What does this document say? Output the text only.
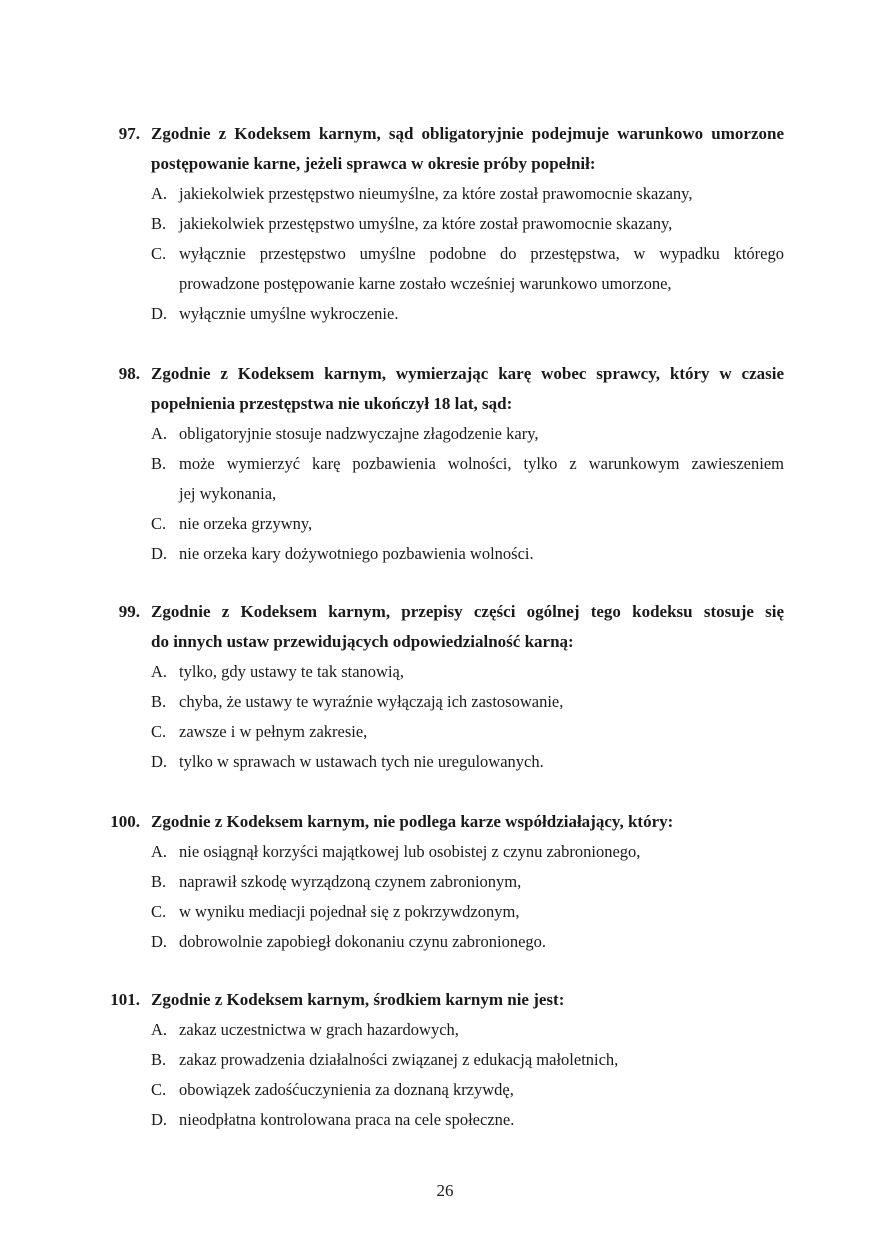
97. Zgodnie z Kodeksem karnym, sąd obligatoryjnie podejmuje warunkowo umorzone
postępowanie karne, jeżeli sprawca w okresie próby popełnił:
A. jakiekolwiek przestępstwo nieumyślne, za które został prawomocnie skazany,
B. jakiekolwiek przestępstwo umyślne, za które został prawomocnie skazany,
C. wyłącznie przestępstwo umyślne podobne do przestępstwa, w wypadku którego
prowadzone postępowanie karne zostało wcześniej warunkowo umorzone,
D. wyłącznie umyślne wykroczenie.
98. Zgodnie z Kodeksem karnym, wymierzając karę wobec sprawcy, który w czasie
popełnienia przestępstwa nie ukończył 18 lat, sąd:
A. obligatoryjnie stosuje nadzwyczajne złagodzenie kary,
B. może wymierzyć karę pozbawienia wolności, tylko z warunkowym zawieszeniem
jej wykonania,
C. nie orzeka grzywny,
D. nie orzeka kary dożywotniego pozbawienia wolności.
99. Zgodnie z Kodeksem karnym, przepisy części ogólnej tego kodeksu stosuje się
do innych ustaw przewidujących odpowiedzialność karną:
A. tylko, gdy ustawy te tak stanowią,
B. chyba, że ustawy te wyraźnie wyłączają ich zastosowanie,
C. zawsze i w pełnym zakresie,
D. tylko w sprawach w ustawach tych nie uregulowanych.
100. Zgodnie z Kodeksem karnym, nie podlega karze współdziałający, który:
A. nie osiągnął korzyści majątkowej lub osobistej z czynu zabronionego,
B. naprawił szkodę wyrządzoną czynem zabronionym,
C. w wyniku mediacji pojednał się z pokrzywdzonym,
D. dobrowolnie zapobiegł dokonaniu czynu zabronionego.
101. Zgodnie z Kodeksem karnym, środkiem karnym nie jest:
A. zakaz uczestnictwa w grach hazardowych,
B. zakaz prowadzenia działalności związanej z edukacją małoletnich,
C. obowiązek zadośćuczynienia za doznaną krzywdę,
D. nieodpłatna kontrolowana praca na cele społeczne.
26
